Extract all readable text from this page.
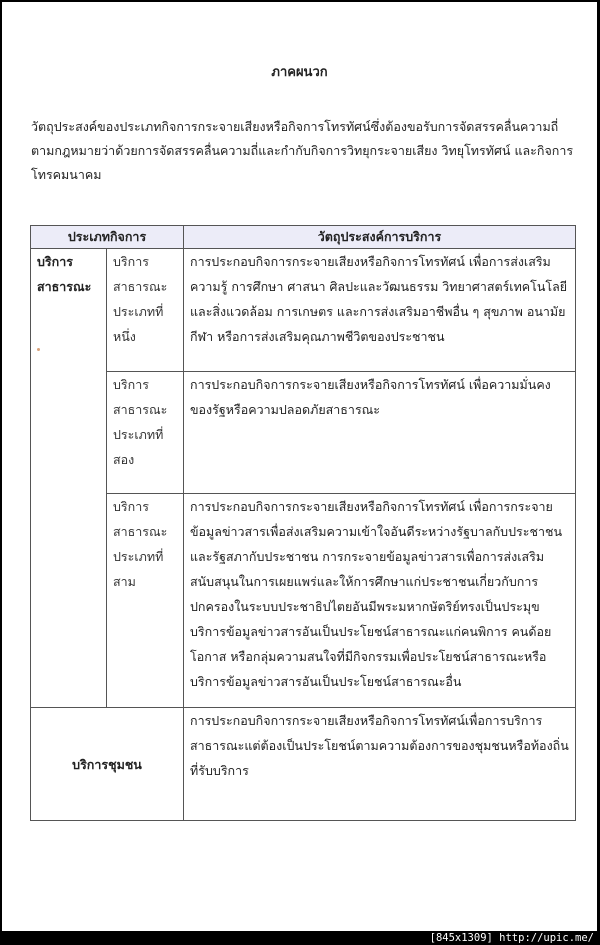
ภาคผนวก
วัตถุประสงค์ของประเภทกิจการกระจายเสียงหรือกิจการโทรทัศน์ซึ่งต้องขอรับการจัดสรรคลื่นความถี่ตามกฎหมายว่าด้วยการจัดสรรคลื่นความถี่และกำกับกิจการวิทยุกระจายเสียง วิทยุโทรทัศน์ และกิจการโทรคมนาคม
ประเภทกิจการ		วัตถุประสงค์การบริการ
บริการสาธารณะ	บริการสาธารณะประเภทที่หนึ่ง	การประกอบกิจการกระจายเสียงหรือกิจการโทรทัศน์ เพื่อการส่งเสริมความรู้ การศึกษา ศาสนา ศิลปะและวัฒนธรรม วิทยาศาสตร์เทคโนโลยีและสิ่งแวดล้อม การเกษตร และการส่งเสริมอาชีพอื่น ๆ สุขภาพ อนามัย กีฬา หรือการส่งเสริมคุณภาพชีวิตของประชาชน
	บริการสาธารณะประเภทที่สอง	การประกอบกิจการกระจายเสียงหรือกิจการโทรทัศน์ เพื่อความมั่นคงของรัฐหรือความปลอดภัยสาธารณะ
	บริการสาธารณะประเภทที่สาม	การประกอบกิจการกระจายเสียงหรือกิจการโทรทัศน์ เพื่อการกระจายข้อมูลข่าวสารเพื่อส่งเสริมความเข้าใจอันดีระหว่างรัฐบาลกับประชาชนและรัฐสภากับประชาชน การกระจายข้อมูลข่าวสารเพื่อการส่งเสริมสนับสนุนในการเผยแพร่และให้การศึกษาแก่ประชาชนเกี่ยวกับการปกครองในระบบประชาธิปไตยอันมีพระมหากษัตริย์ทรงเป็นประมุข บริการข้อมูลข่าวสารอันเป็นประโยชน์สาธารณะแก่คนพิการ คนด้อยโอกาส หรือกลุ่มความสนใจที่มีกิจกรรมเพื่อประโยชน์สาธารณะหรือบริการข้อมูลข่าวสารอันเป็นประโยชน์สาธารณะอื่น
บริการชุมชน		การประกอบกิจการกระจายเสียงหรือกิจการโทรทัศน์เพื่อการบริการสาธารณะแต่ต้องเป็นประโยชน์ตามความต้องการของชุมชนหรือท้องถิ่นที่รับบริการ
[845x1309] http://upic.me/
